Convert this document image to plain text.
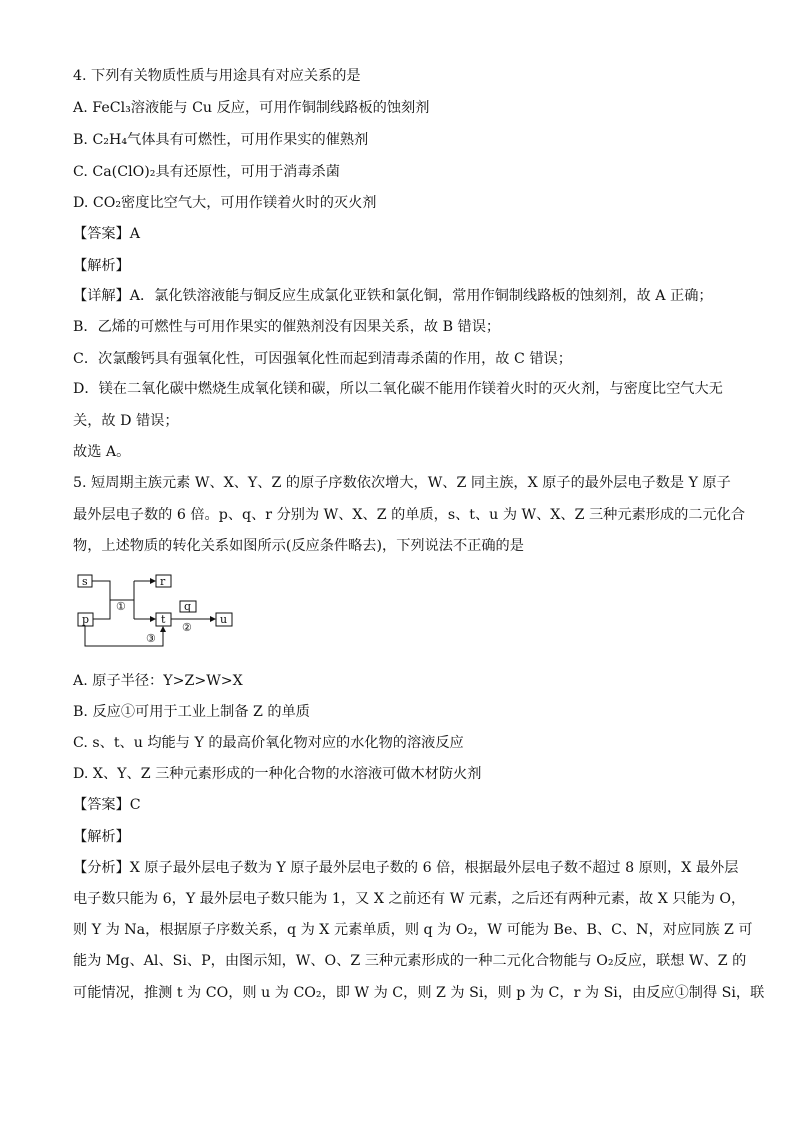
4. 下列有关物质性质与用途具有对应关系的是
A. FeCl₃溶液能与 Cu 反应，可用作铜制线路板的蚀刻剂
B. C₂H₄气体具有可燃性，可用作果实的催熟剂
C. Ca(ClO)₂具有还原性，可用于消毒杀菌
D. CO₂密度比空气大，可用作镁着火时的灭火剂
【答案】A
【解析】
【详解】A．氯化铁溶液能与铜反应生成氯化亚铁和氯化铜，常用作铜制线路板的蚀刻剂，故 A 正确；
B．乙烯的可燃性与可用作果实的催熟剂没有因果关系，故 B 错误；
C．次氯酸钙具有强氧化性，可因强氧化性而起到清毒杀菌的作用，故 C 错误；
D．镁在二氧化碳中燃烧生成氧化镁和碳，所以二氧化碳不能用作镁着火时的灭火剂，与密度比空气大无
关，故 D 错误；
故选 A。
5. 短周期主族元素 W、X、Y、Z 的原子序数依次增大，W、Z 同主族，X 原子的最外层电子数是 Y 原子
最外层电子数的 6 倍。p、q、r 分别为 W、X、Z 的单质，s、t、u 为 W、X、Z 三种元素形成的二元化合
物，上述物质的转化关系如图所示(反应条件略去)，下列说法不正确的是
s	r
p	t	u
q
①
②
③
A. 原子半径：Y>Z>W>X
B. 反应①可用于工业上制备 Z 的单质
C. s、t、u 均能与 Y 的最高价氧化物对应的水化物的溶液反应
D. X、Y、Z 三种元素形成的一种化合物的水溶液可做木材防火剂
【答案】C
【解析】
【分析】X 原子最外层电子数为 Y 原子最外层电子数的 6 倍，根据最外层电子数不超过 8 原则，X 最外层
电子数只能为 6，Y 最外层电子数只能为 1，又 X 之前还有 W 元素，之后还有两种元素，故 X 只能为 O，
则 Y 为 Na，根据原子序数关系，q 为 X 元素单质，则 q 为 O₂，W 可能为 Be、B、C、N，对应同族 Z 可
能为 Mg、Al、Si、P，由图示知，W、O、Z 三种元素形成的一种二元化合物能与 O₂反应，联想 W、Z 的
可能情况，推测 t 为 CO，则 u 为 CO₂，即 W 为 C，则 Z 为 Si，则 p 为 C，r 为 Si，由反应①制得 Si，联
